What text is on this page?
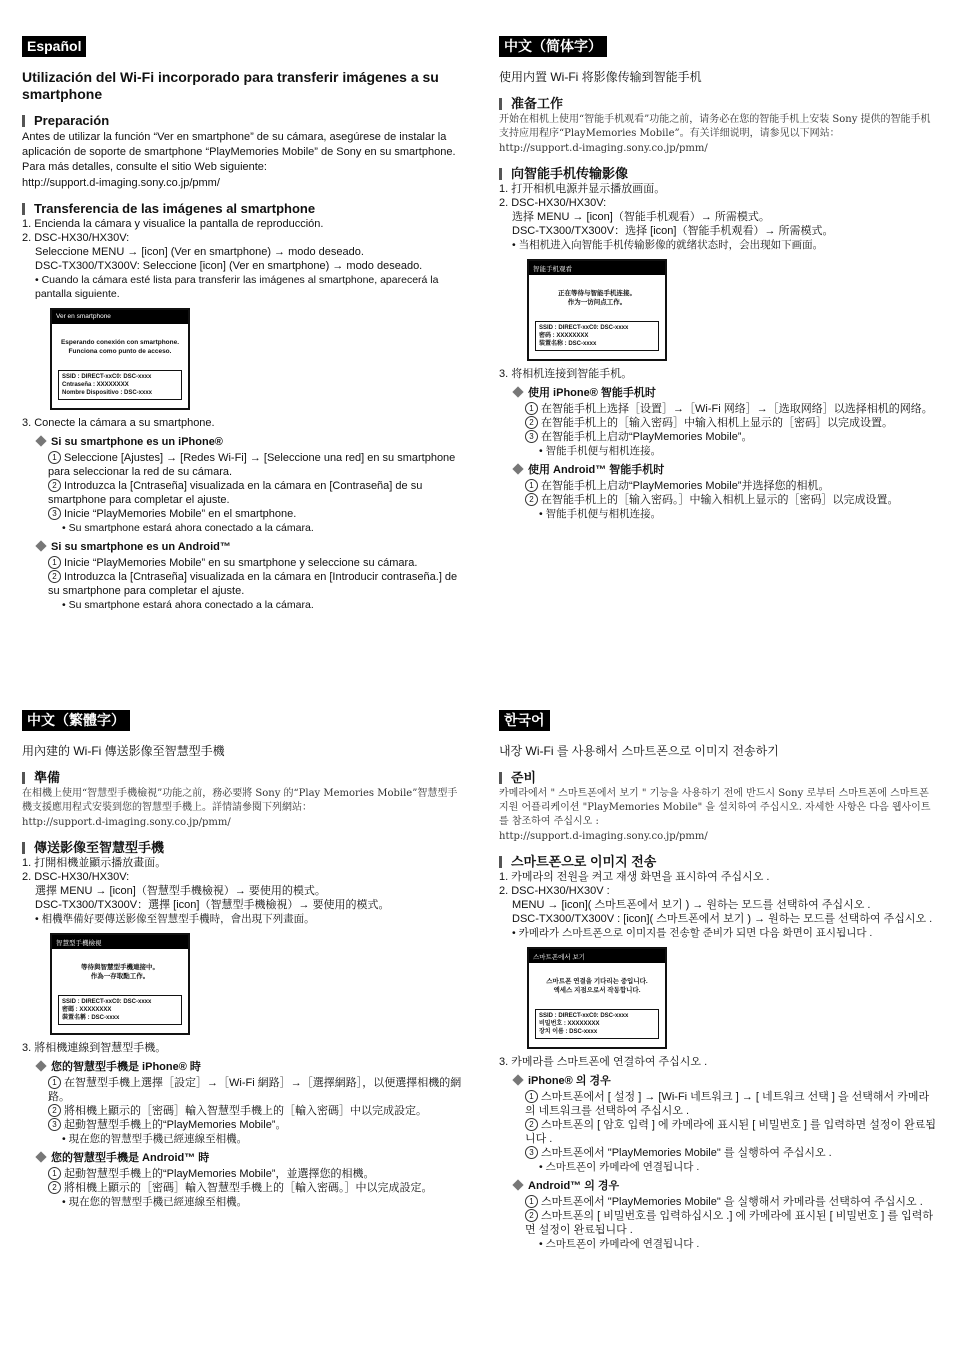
Español
Utilización del Wi-Fi incorporado para transferir imágenes a su smartphone
Preparación
Antes de utilizar la función “Ver en smartphone” de su cámara, asegúrese de instalar la aplicación de soporte de smartphone “PlayMemories Mobile” de Sony en su smartphone. Para más detalles, consulte el sitio Web siguiente:
http://support.d-imaging.sony.co.jp/pmm/
Transferencia de las imágenes al smartphone
1. Encienda la cámara y visualice la pantalla de reproducción.
2. DSC-HX30/HX30V:
Seleccione MENU → [icon] (Ver en smartphone) → modo deseado.
DSC-TX300/TX300V: Seleccione [icon] (Ver en smartphone) → modo deseado.
• Cuando la cámara esté lista para transferir las imágenes al smartphone, aparecerá la pantalla siguiente.
Ver en smartphone
Esperando conexión con smartphone.
Funciona como punto de acceso.
SSID : DIRECT-xxC0: DSC-xxxx
Cntraseña : XXXXXXXX
Nombre Dispositivo : DSC-xxxx
3. Conecte la cámara a su smartphone.
Si su smartphone es un iPhone®
1 Seleccione [Ajustes] → [Redes Wi-Fi] → [Seleccione una red] en su smartphone para seleccionar la red de su cámara.
2 Introduzca la [Cntraseña] visualizada en la cámara en [Contraseña] de su smartphone para completar el ajuste.
3 Inicie “PlayMemories Mobile” en el smartphone.
• Su smartphone estará ahora conectado a la cámara.
Si su smartphone es un Android™
1 Inicie “PlayMemories Mobile” en su smartphone y seleccione su cámara.
2 Introduzca la [Cntraseña] visualizada en la cámara en [Introducir contraseña.] de su smartphone para completar el ajuste.
• Su smartphone estará ahora conectado a la cámara.
中文（简体字）
使用内置 Wi-Fi 将影像传输到智能手机
准备工作
开始在相机上使用“智能手机观看”功能之前，请务必在您的智能手机上安装 Sony 提供的智能手机支持应用程序“PlayMemories Mobile”。有关详细说明，请参见以下网站：
http://support.d-imaging.sony.co.jp/pmm/
向智能手机传输影像
1. 打开相机电源并显示播放画面。
2. DSC-HX30/HX30V:
选择 MENU → [icon]（智能手机观看）→ 所需模式。
DSC-TX300/TX300V：选择 [icon]（智能手机观看）→ 所需模式。
• 当相机进入向智能手机传输影像的就绪状态时，会出现如下画面。
智能手机观看
正在等待与智能手机连接。
作为一访问点工作。
SSID : DIRECT-xxC0: DSC-xxxx
密码 : XXXXXXXX
装置名称 : DSC-xxxx
3. 将相机连接到智能手机。
使用 iPhone® 智能手机时
1 在智能手机上选择［设置］→［Wi-Fi 网络］→［选取网络］以选择相机的网络。
2 在智能手机上的［输入密码］中输入相机上显示的［密码］以完成设置。
3 在智能手机上启动“PlayMemories Mobile”。
• 智能手机便与相机连接。
使用 Android™ 智能手机时
1 在智能手机上启动“PlayMemories Mobile”并选择您的相机。
2 在智能手机上的［输入密码。］中输入相机上显示的［密码］以完成设置。
• 智能手机便与相机连接。
中文（繁體字）
用內建的 Wi-Fi 傳送影像至智慧型手機
準備
在相機上使用“智慧型手機檢視”功能之前，務必要將 Sony 的“Play Memories Mobile”智慧型手機支援應用程式安裝到您的智慧型手機上。詳情請參閱下列網站：
http://support.d-imaging.sony.co.jp/pmm/
傳送影像至智慧型手機
1. 打開相機並顯示播放畫面。
2. DSC-HX30/HX30V:
選擇 MENU → [icon]（智慧型手機檢視）→ 要使用的模式。
DSC-TX300/TX300V：選擇 [icon]（智慧型手機檢視）→ 要使用的模式。
• 相機準備好要傳送影像至智慧型手機時，會出現下列畫面。
智慧型手機檢視
等待與智慧型手機連接中。
作為一存取點工作。
SSID : DIRECT-xxC0: DSC-xxxx
密碼 : XXXXXXXX
裝置名稱 : DSC-xxxx
3. 將相機連線到智慧型手機。
您的智慧型手機是 iPhone® 時
1 在智慧型手機上選擇［設定］→［Wi-Fi 網路］→［選擇網路］，以便選擇相機的網路。
2 將相機上顯示的［密碼］輸入智慧型手機上的［輸入密碼］中以完成設定。
3 起動智慧型手機上的“PlayMemories Mobile”。
• 現在您的智慧型手機已經連線至相機。
您的智慧型手機是 Android™ 時
1 起動智慧型手機上的“PlayMemories Mobile”，並選擇您的相機。
2 將相機上顯示的［密碼］輸入智慧型手機上的［輸入密碼。］中以完成設定。
• 現在您的智慧型手機已經連線至相機。
한국어
내장 Wi-Fi 를 사용해서 스마트폰으로 이미지 전송하기
준비
카메라에서 " 스마트폰에서 보기 " 기능을 사용하기 전에 반드시 Sony 로부터 스마트폰에 스마트폰 지원 어플리케이션 "PlayMemories Mobile" 을 설치하여 주십시오. 자세한 사항은 다음 웹사이트를 참조하여 주십시오 :
http://support.d-imaging.sony.co.jp/pmm/
스마트폰으로 이미지 전송
1. 카메라의 전원을 켜고 재생 화면을 표시하여 주십시오 .
2. DSC-HX30/HX30V :
MENU → [icon]( 스마트폰에서 보기 ) → 원하는 모드를 선택하여 주십시오 .
DSC-TX300/TX300V : [icon]( 스마트폰에서 보기 ) → 원하는 모드를 선택하여 주십시오 .
• 카메라가 스마트폰으로 이미지를 전송할 준비가 되면 다음 화면이 표시됩니다 .
스마트폰에서 보기
스마트폰 연결을 기다리는 중입니다.
액세스 지점으로서 작동합니다.
SSID : DIRECT-xxC0: DSC-xxxx
비밀번호 : XXXXXXXX
장치 이름 : DSC-xxxx
3. 카메라를 스마트폰에 연결하여 주십시오 .
iPhone® 의 경우
1 스마트폰에서 [ 설정 ] → [Wi-Fi 네트워크 ] → [ 네트워크 선택 ] 을 선택해서 카메라의 네트워크를 선택하여 주십시오 .
2 스마트폰의 [ 암호 입력 ] 에 카메라에 표시된 [ 비밀번호 ] 를 입력하면 설정이 완료됩니다 .
3 스마트폰에서 "PlayMemories Mobile" 를 실행하여 주십시오 .
• 스마트폰이 카메라에 연결됩니다 .
Android™ 의 경우
1 스마트폰에서 "PlayMemories Mobile" 을 실행해서 카메라를 선택하여 주십시오 .
2 스마트폰의 [ 비밀번호를 입력하십시오 .] 에 카메라에 표시된 [ 비밀번호 ] 를 입력하면 설정이 완료됩니다 .
• 스마트폰이 카메라에 연결됩니다 .
